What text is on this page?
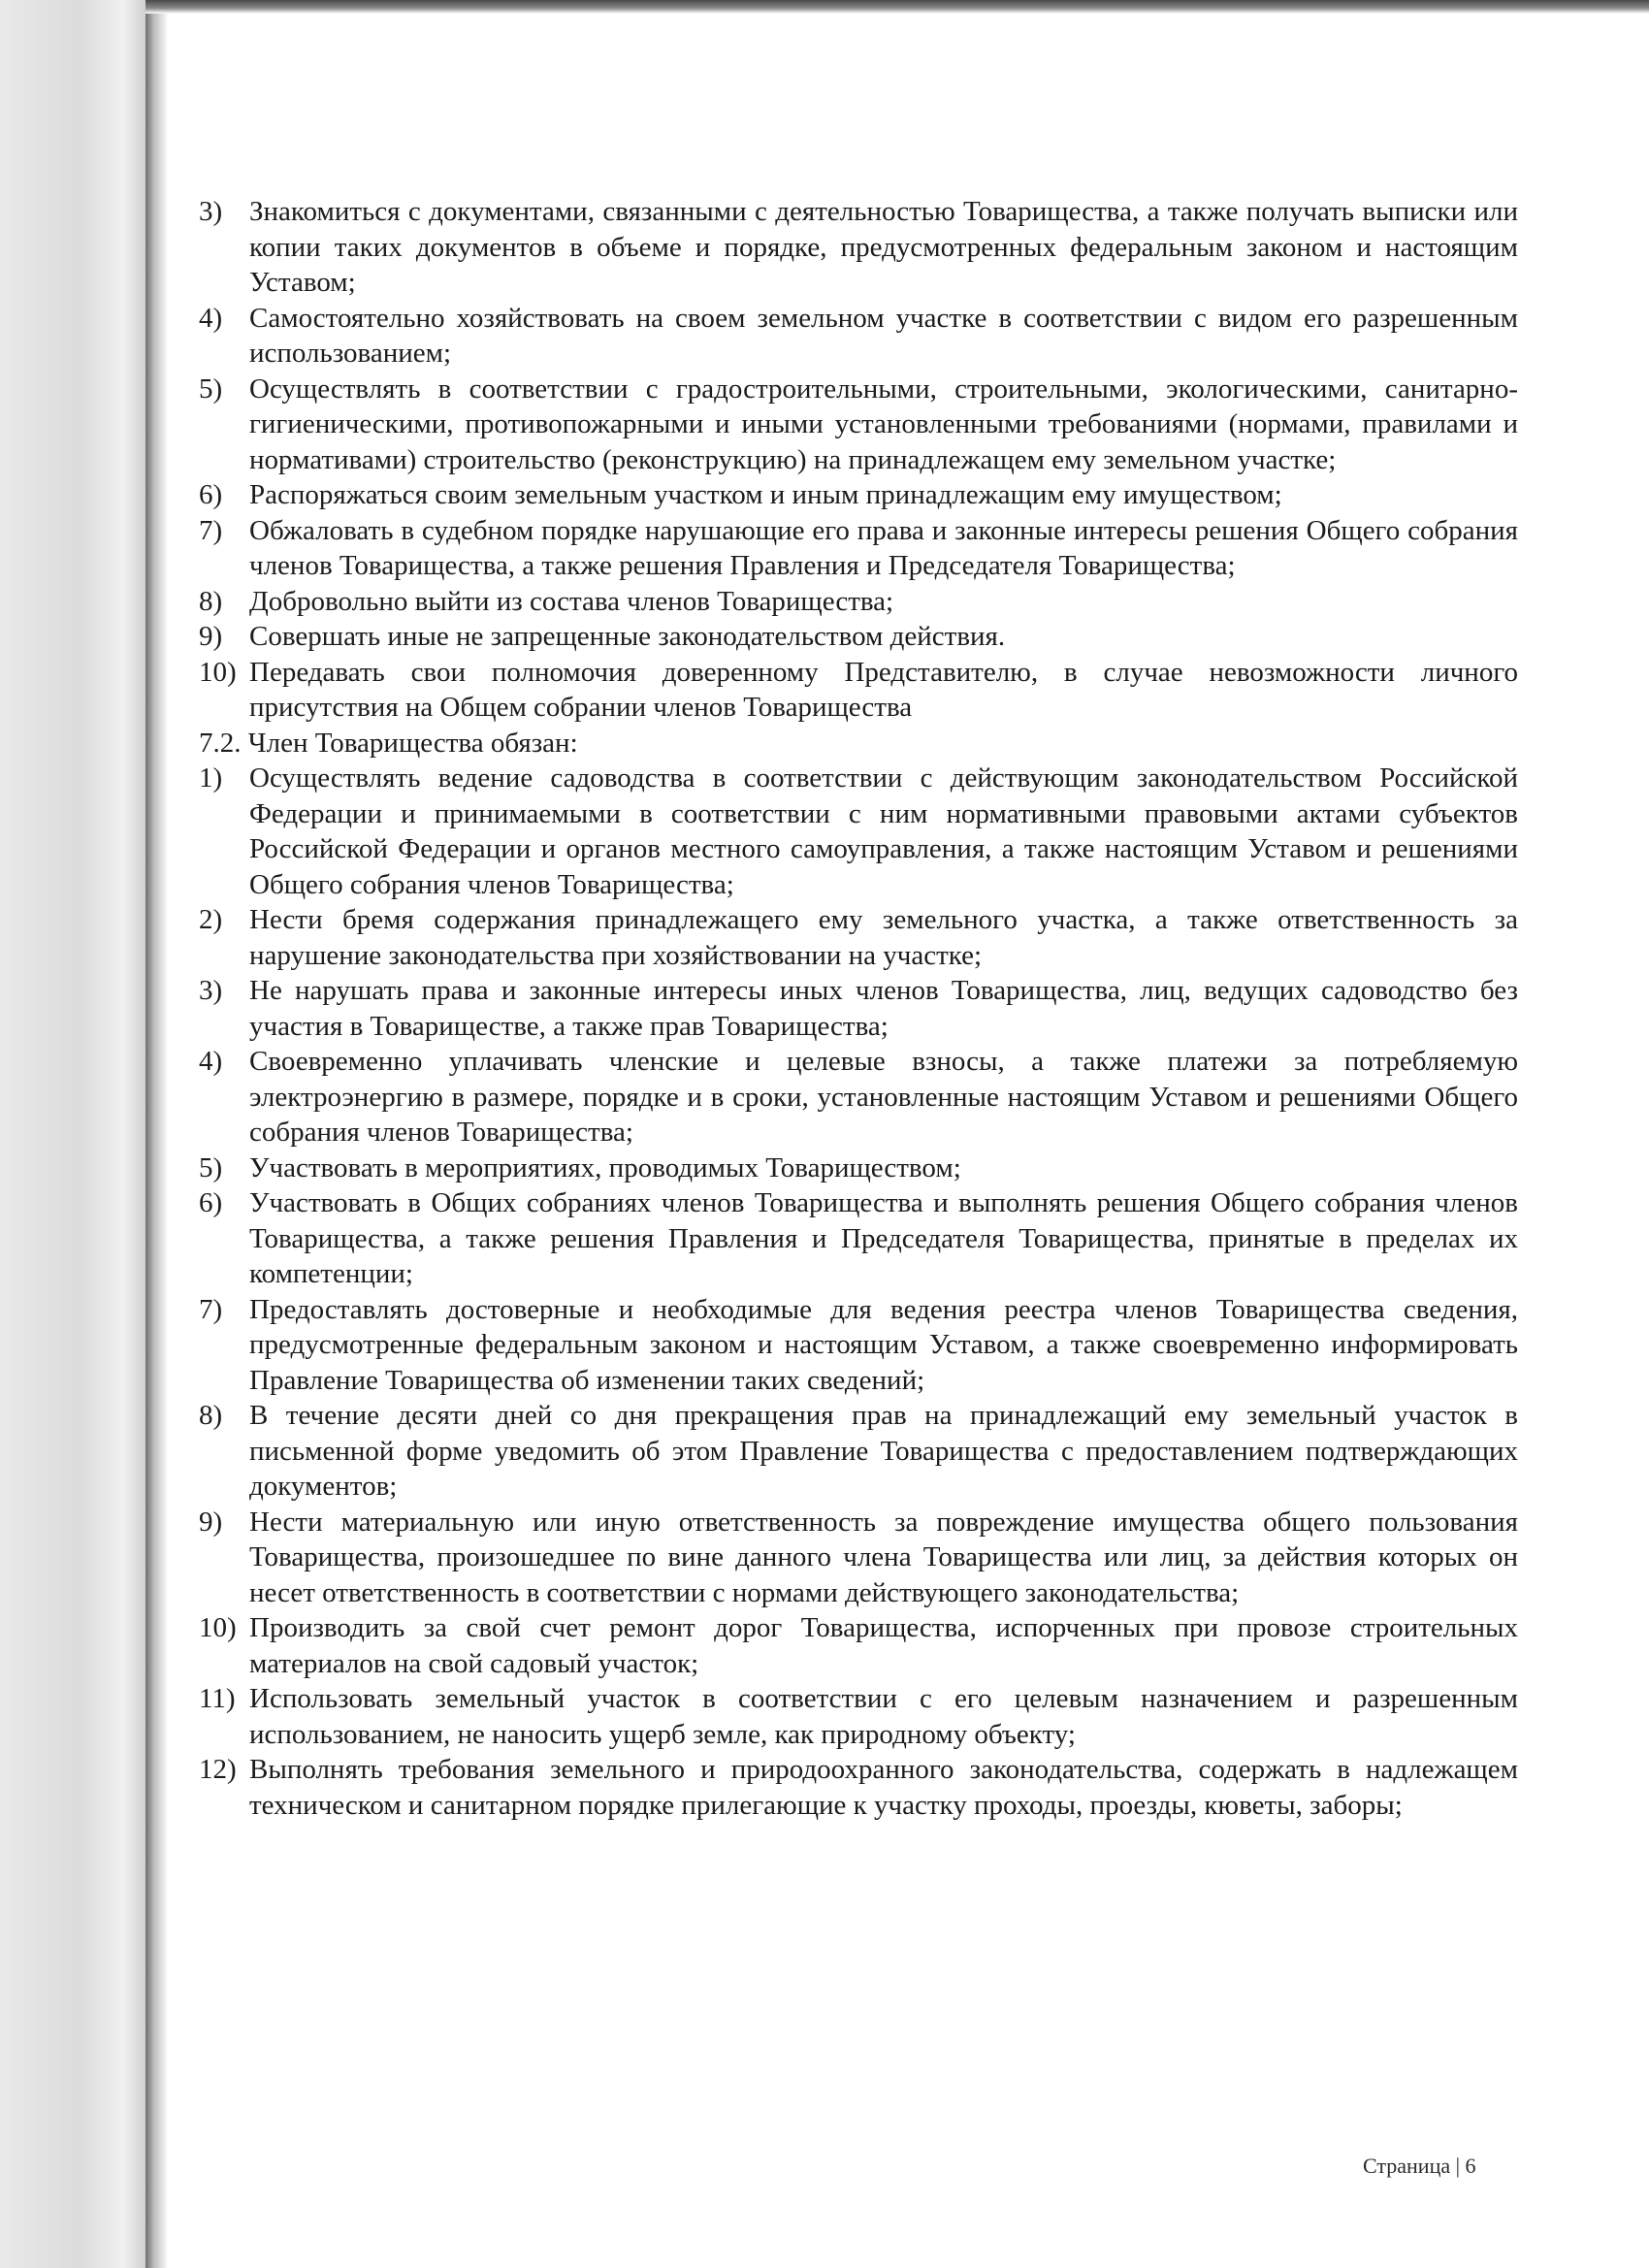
3) Знакомиться с документами, связанными с деятельностью Товарищества, а также получать выписки или копии таких документов в объеме и порядке, предусмотренных федеральным законом и настоящим Уставом;
4) Самостоятельно хозяйствовать на своем земельном участке в соответствии с видом его разрешенным использованием;
5) Осуществлять в соответствии с градостроительными, строительными, экологическими, санитарно-гигиеническими, противопожарными и иными установленными требованиями (нормами, правилами и нормативами) строительство (реконструкцию) на принадлежащем ему земельном участке;
6) Распоряжаться своим земельным участком и иным принадлежащим ему имуществом;
7) Обжаловать в судебном порядке нарушающие его права и законные интересы решения Общего собрания членов Товарищества, а также решения Правления и Председателя Товарищества;
8) Добровольно выйти из состава членов Товарищества;
9) Совершать иные не запрещенные законодательством действия.
10) Передавать свои полномочия доверенному Представителю, в случае невозможности личного присутствия на Общем собрании членов Товарищества
7.2. Член Товарищества обязан:
1) Осуществлять ведение садоводства в соответствии с действующим законодательством Российской Федерации и принимаемыми в соответствии с ним нормативными правовыми актами субъектов Российской Федерации и органов местного самоуправления, а также настоящим Уставом и решениями Общего собрания членов Товарищества;
2) Нести бремя содержания принадлежащего ему земельного участка, а также ответственность за нарушение законодательства при хозяйствовании на участке;
3) Не нарушать права и законные интересы иных членов Товарищества, лиц, ведущих садоводство без участия в Товариществе, а также прав Товарищества;
4) Своевременно уплачивать членские и целевые взносы, а также платежи за потребляемую электроэнергию в размере, порядке и в сроки, установленные настоящим Уставом и решениями Общего собрания членов Товарищества;
5) Участвовать в мероприятиях, проводимых Товариществом;
6) Участвовать в Общих собраниях членов Товарищества и выполнять решения Общего собрания членов Товарищества, а также решения Правления и Председателя Товарищества, принятые в пределах их компетенции;
7) Предоставлять достоверные и необходимые для ведения реестра членов Товарищества сведения, предусмотренные федеральным законом и настоящим Уставом, а также своевременно информировать Правление Товарищества об изменении таких сведений;
8) В течение десяти дней со дня прекращения прав на принадлежащий ему земельный участок в письменной форме уведомить об этом Правление Товарищества с предоставлением подтверждающих документов;
9) Нести материальную или иную ответственность за повреждение имущества общего пользования Товарищества, произошедшее по вине данного члена Товарищества или лиц, за действия которых он несет ответственность в соответствии с нормами действующего законодательства;
10) Производить за свой счет ремонт дорог Товарищества, испорченных при провозе строительных материалов на свой садовый участок;
11) Использовать земельный участок в соответствии с его целевым назначением и разрешенным использованием, не наносить ущерб земле, как природному объекту;
12) Выполнять требования земельного и природоохранного законодательства, содержать в надлежащем техническом и санитарном порядке прилегающие к участку проходы, проезды, кюветы, заборы;
Страница | 6
